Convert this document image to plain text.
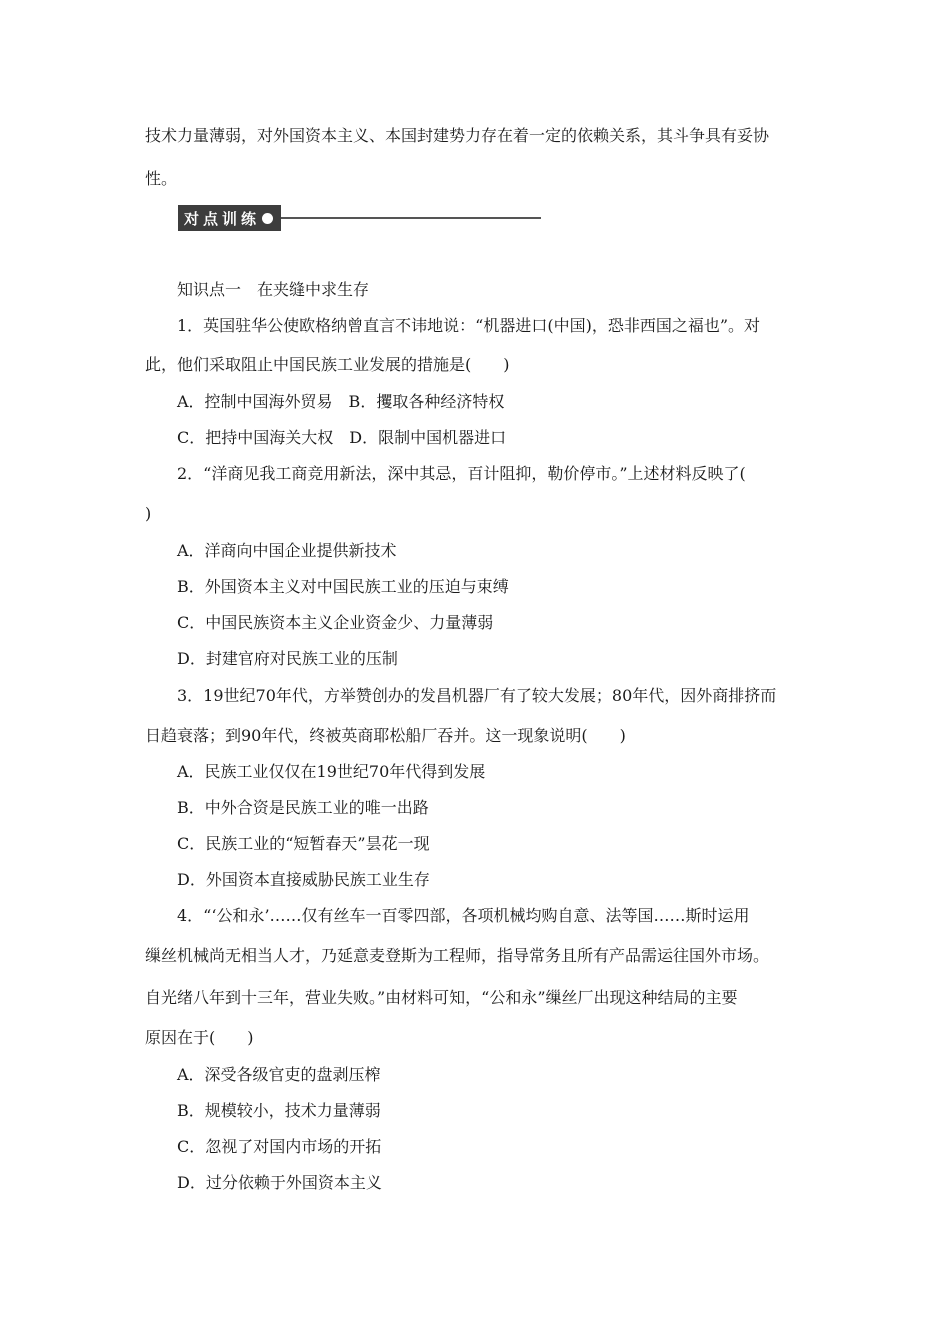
技术力量薄弱，对外国资本主义、本国封建势力存在着一定的依赖关系，其斗争具有妥协
性。
对点训练
知识点一　在夹缝中求生存
1．英国驻华公使欧格纳曾直言不讳地说：“机器进口(中国)，恐非西国之福也”。对
此，他们采取阻止中国民族工业发展的措施是(　　)
A．控制中国海外贸易　B．攫取各种经济特权
C．把持中国海关大权　D．限制中国机器进口
2．“洋商见我工商竞用新法，深中其忌，百计阻抑，勒价停市。”上述材料反映了(
)
A．洋商向中国企业提供新技术
B．外国资本主义对中国民族工业的压迫与束缚
C．中国民族资本主义企业资金少、力量薄弱
D．封建官府对民族工业的压制
3．19世纪70年代，方举赞创办的发昌机器厂有了较大发展；80年代，因外商排挤而
日趋衰落；到90年代，终被英商耶松船厂吞并。这一现象说明(　　)
A．民族工业仅仅在19世纪70年代得到发展
B．中外合资是民族工业的唯一出路
C．民族工业的“短暂春天”昙花一现
D．外国资本直接威胁民族工业生存
4．“‘公和永’……仅有丝车一百零四部，各项机械均购自意、法等国……斯时运用
缫丝机械尚无相当人才，乃延意麦登斯为工程师，指导常务且所有产品需运往国外市场。
自光绪八年到十三年，营业失败。”由材料可知，“公和永”缫丝厂出现这种结局的主要
原因在于(　　)
A．深受各级官吏的盘剥压榨
B．规模较小，技术力量薄弱
C．忽视了对国内市场的开拓
D．过分依赖于外国资本主义
